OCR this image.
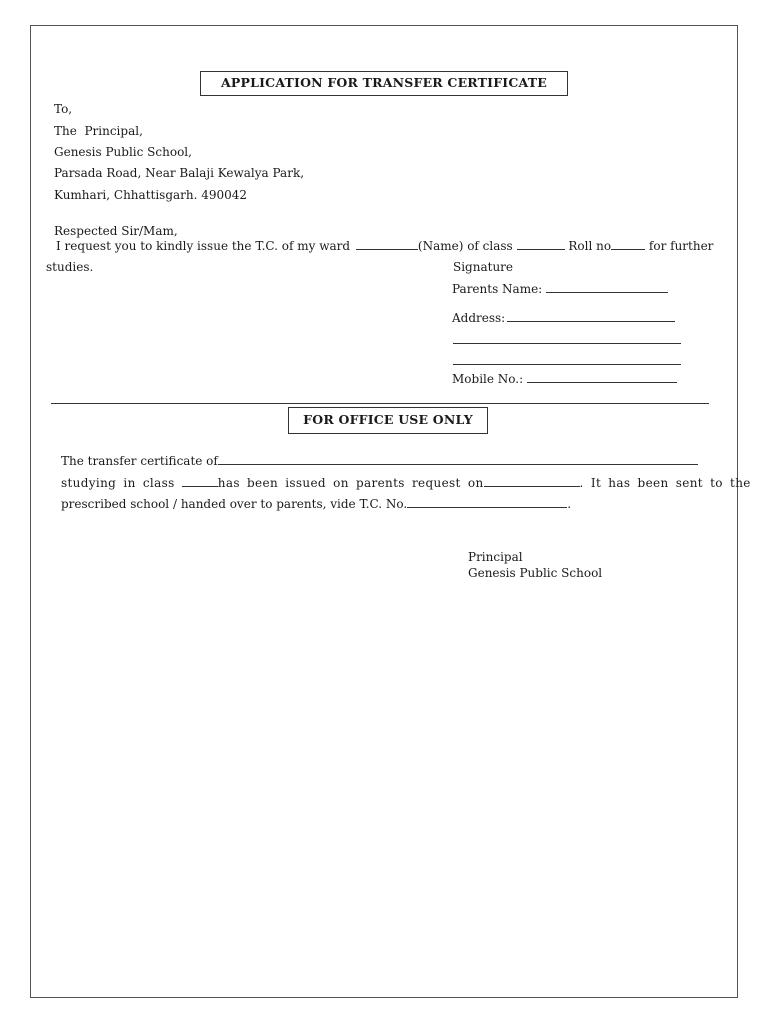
APPLICATION FOR TRANSFER CERTIFICATE
To,
The  Principal,
Genesis Public School,
Parsada Road, Near Balaji Kewalya Park,
Kumhari, Chhattisgarh. 490042
Respected Sir/Mam,
I request you to kindly issue the T.C. of my ward	(Name) of class	Roll no	for further
studies.	Signature
Parents Name:
Address:
Mobile No.:
FOR OFFICE USE ONLY
The transfer certificate of
studying in class	has been issued on parents request on	. It has been sent to the
prescribed school / handed over to parents, vide T.C. No.	.
Principal
Genesis Public School
